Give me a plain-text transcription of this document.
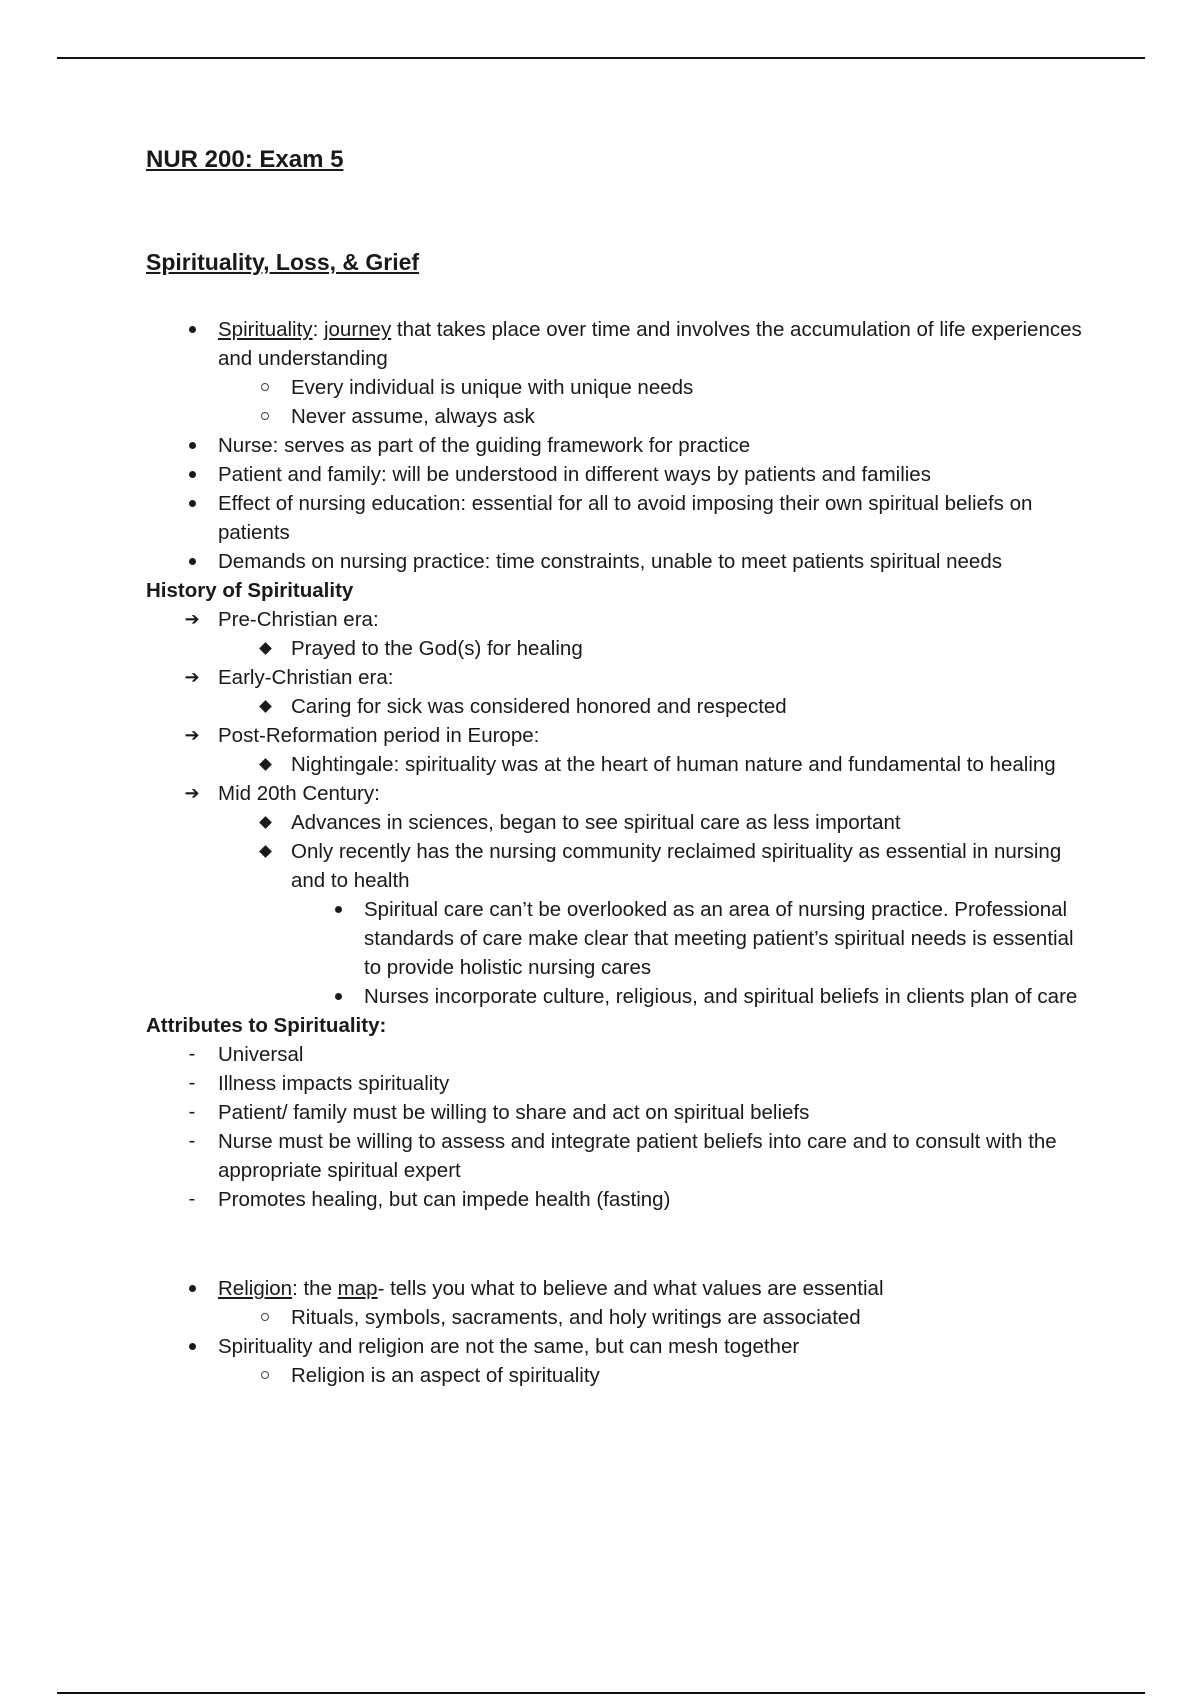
NUR 200: Exam 5
Spirituality, Loss, & Grief
Spirituality: journey that takes place over time and involves the accumulation of life experiences and understanding
Every individual is unique with unique needs
Never assume, always ask
Nurse: serves as part of the guiding framework for practice
Patient and family: will be understood in different ways by patients and families
Effect of nursing education: essential for all to avoid imposing their own spiritual beliefs on patients
Demands on nursing practice: time constraints, unable to meet patients spiritual needs

History of Spirituality

➔ Pre-Christian era:
Prayed to the God(s) for healing
➔ Early-Christian era:
Caring for sick was considered honored and respected
➔ Post-Reformation period in Europe:
Nightingale: spirituality was at the heart of human nature and fundamental to healing
➔ Mid 20th Century:
Advances in sciences, began to see spiritual care as less important
Only recently has the nursing community reclaimed spirituality as essential in nursing and to health
Spiritual care can’t be overlooked as an area of nursing practice. Professional standards of care make clear that meeting patient’s spiritual needs is essential to provide holistic nursing cares
Nurses incorporate culture, religious, and spiritual beliefs in clients plan of care

Attributes to Spirituality:

-	Universal
-	Illness impacts spirituality
-	Patient/ family must be willing to share and act on spiritual beliefs
-	Nurse must be willing to assess and integrate patient beliefs into care and to consult with the appropriate spiritual expert
-	Promotes healing, but can impede health (fasting)
Religion: the map- tells you what to believe and what values are essential
Rituals, symbols, sacraments, and holy writings are associated
Spirituality and religion are not the same, but can mesh together
Religion is an aspect of spirituality
